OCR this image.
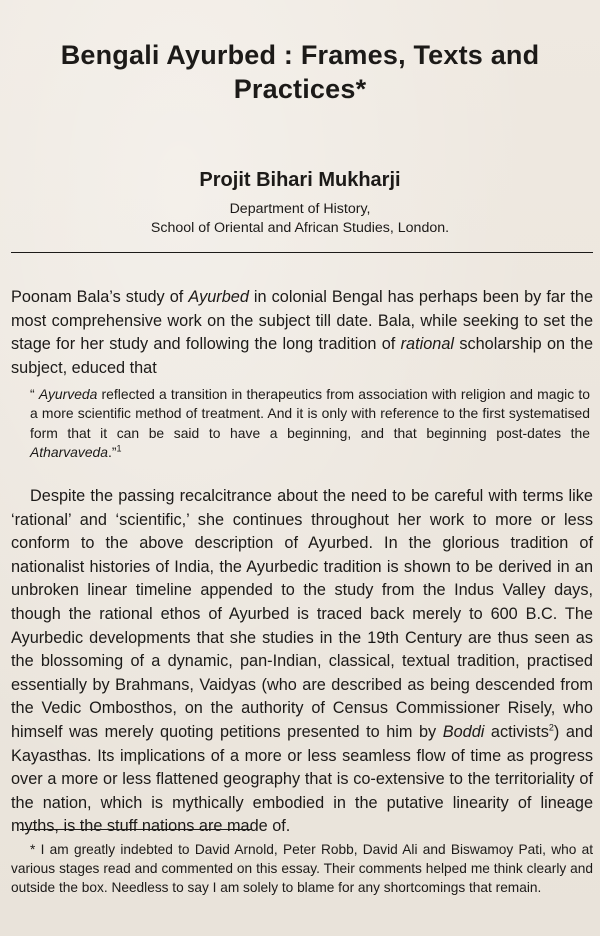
Bengali Ayurbed : Frames, Texts and Practices*
Projit Bihari Mukharji
Department of History,
School of Oriental and African Studies, London.
Poonam Bala’s study of Ayurbed in colonial Bengal has perhaps been by far the most comprehensive work on the subject till date. Bala, while seeking to set the stage for her study and following the long tradition of rational scholarship on the subject, educed that
“ Ayurveda reflected a transition in therapeutics from association with religion and magic to a more scientific method of treatment. And it is only with reference to the first systematised form that it can be said to have a beginning, and that beginning post-dates the Atharvaveda.”$^1$
Despite the passing recalcitrance about the need to be careful with terms like ‘rational’ and ‘scientific,’ she continues throughout her work to more or less conform to the above description of Ayurbed. In the glorious tradition of nationalist histories of India, the Ayurbedic tradition is shown to be derived in an unbroken linear timeline appended to the study from the Indus Valley days, though the rational ethos of Ayurbed is traced back merely to 600 B.C. The Ayurbedic developments that she studies in the 19th Century are thus seen as the blossoming of a dynamic, pan-Indian, classical, textual tradition, practised essentially by Brahmans, Vaidyas (who are described as being descended from the Vedic Ombosthos, on the authority of Census Commissioner Risely, who himself was merely quoting petitions presented to him by Boddi activists$^2$) and Kayasthas. Its implications of a more or less seamless flow of time as progress over a more or less flattened geography that is co-extensive to the territoriality of the nation, which is mythically embodied in the putative linearity of lineage myths, is the stuff nations are made of.
* I am greatly indebted to David Arnold, Peter Robb, David Ali and Biswamoy Pati, who at various stages read and commented on this essay. Their comments helped me think clearly and outside the box. Needless to say I am solely to blame for any shortcomings that remain.
